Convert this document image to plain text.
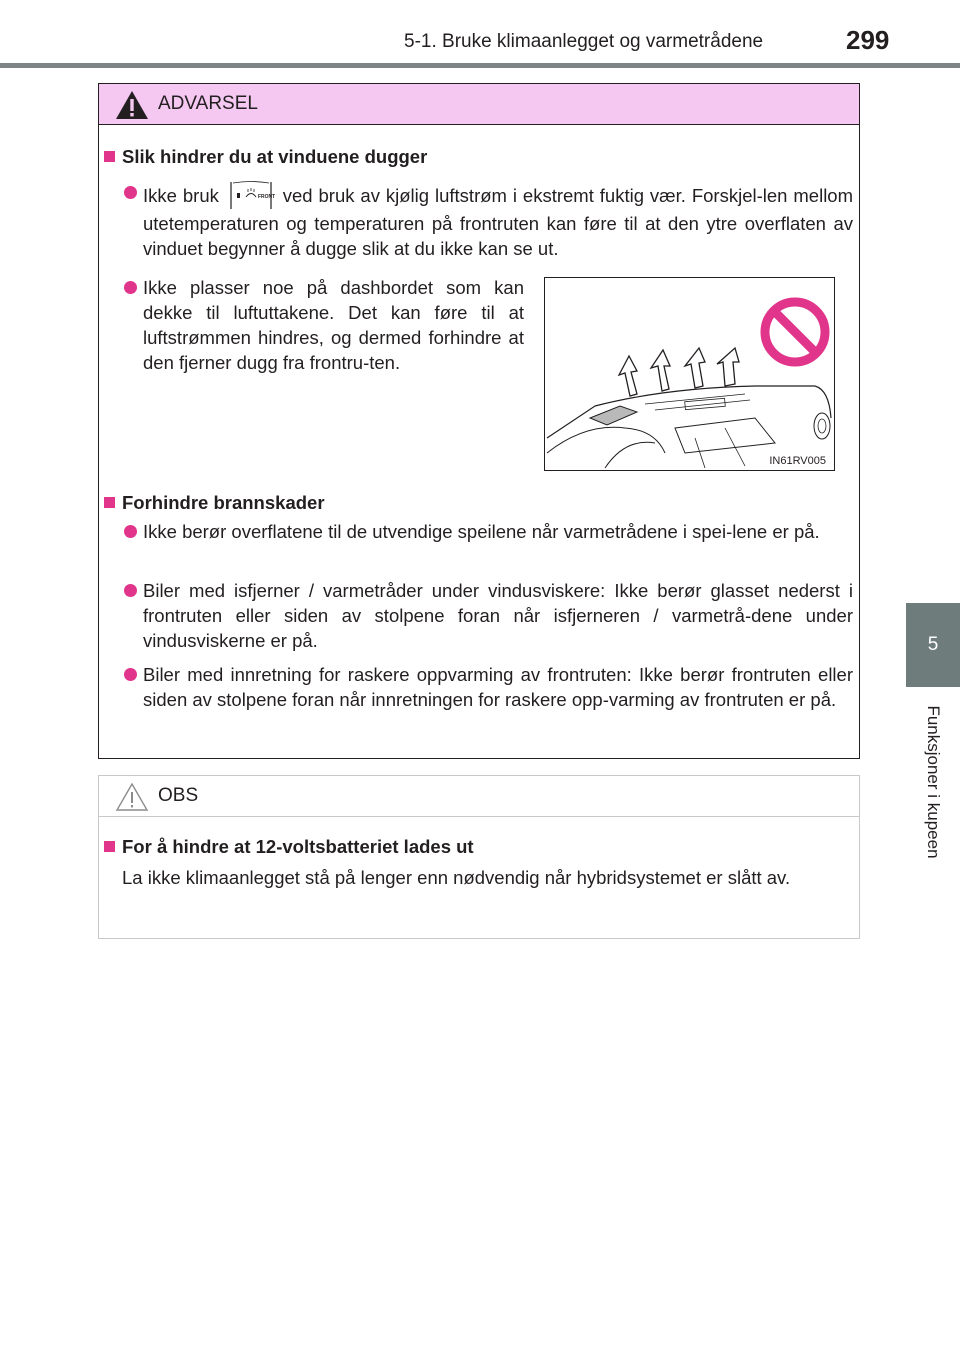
5-1. Bruke klimaanlegget og varmetrådene	299
5
Funksjoner i kupeen
ADVARSEL
Slik hindrer du at vinduene dugger
Ikke bruk	FRONT ved bruk av kjølig luftstrøm i ekstremt fuktig vær. Forskjel-len mellom utetemperaturen og temperaturen på frontruten kan føre til at den ytre overflaten av vinduet begynner å dugge slik at du ikke kan se ut.
Ikke plasser noe på dashbordet som kan dekke til luftuttakene. Det kan føre til at luftstrømmen hindres, og dermed forhindre at den fjerner dugg fra frontru-ten.
IN61RV005
Forhindre brannskader
Ikke berør overflatene til de utvendige speilene når varmetrådene i spei-lene er på.
Biler med isfjerner / varmetråder under vindusviskere: Ikke berør glasset nederst i frontruten eller siden av stolpene foran når isfjerneren / varmetrå-dene under vindusviskerne er på.
Biler med innretning for raskere oppvarming av frontruten: Ikke berør frontruten eller siden av stolpene foran når innretningen for raskere opp-varming av frontruten er på.
OBS
For å hindre at 12-voltsbatteriet lades ut
La ikke klimaanlegget stå på lenger enn nødvendig når hybridsystemet er slått av.
